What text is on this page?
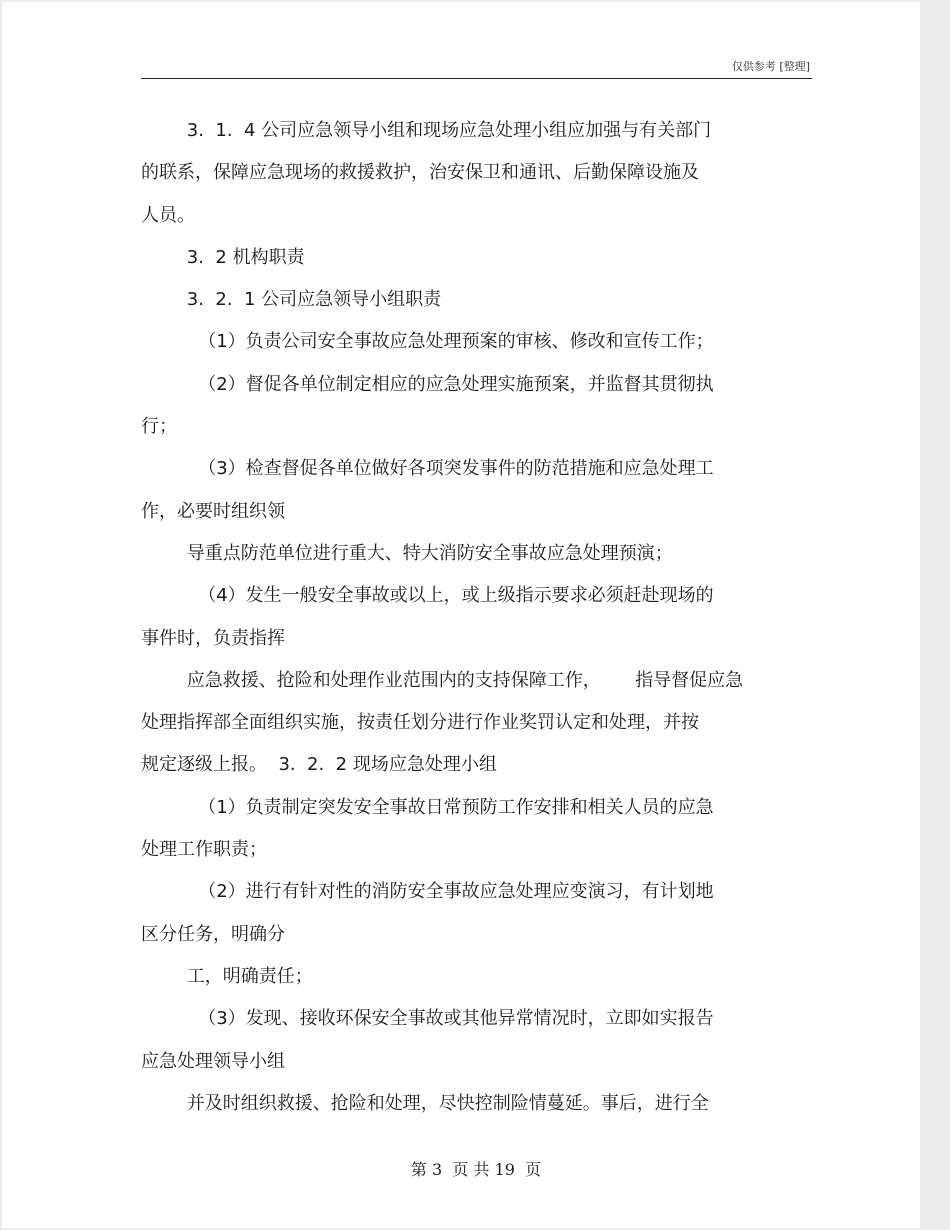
仅供参考 [整理]
3.  1.  4 公司应急领导小组和现场应急处理小组应加强与有关部门
的联系，保障应急现场的救援救护，治安保卫和通讯、后勤保障设施及
人员。
3.  2 机构职责
3.  2.  1 公司应急领导小组职责
（1）负责公司安全事故应急处理预案的审核、修改和宣传工作；
（2）督促各单位制定相应的应急处理实施预案，并监督其贯彻执
行；
（3）检查督促各单位做好各项突发事件的防范措施和应急处理工
作，必要时组织领
导重点防范单位进行重大、特大消防安全事故应急处理预演；
（4）发生一般安全事故或以上，或上级指示要求必须赶赴现场的
事件时，负责指挥
应急救援、抢险和处理作业范围内的支持保障工作，      指导督促应急
处理指挥部全面组织实施，按责任划分进行作业奖罚认定和处理，并按
规定逐级上报。  3.  2.  2 现场应急处理小组
（1）负责制定突发安全事故日常预防工作安排和相关人员的应急
处理工作职责；
（2）进行有针对性的消防安全事故应急处理应变演习，有计划地
区分任务，明确分
工，明确责任；
（3）发现、接收环保安全事故或其他异常情况时，立即如实报告
应急处理领导小组
并及时组织救援、抢险和处理，尽快控制险情蔓延。事后，进行全
第 3  页 共 19  页
